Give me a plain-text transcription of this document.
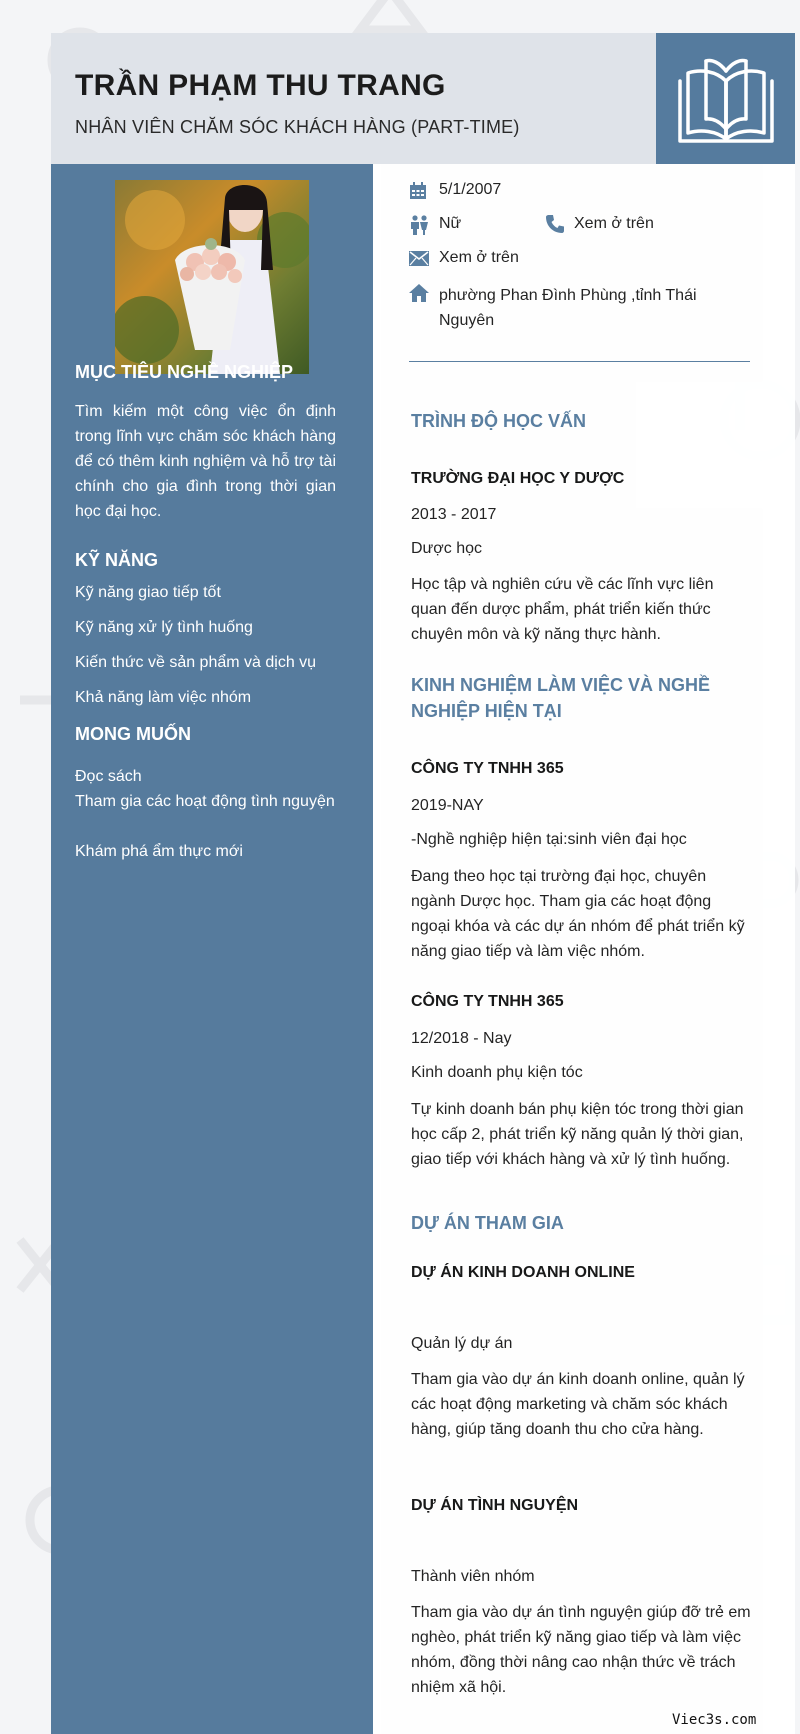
TRẦN PHẠM THU TRANG
NHÂN VIÊN CHĂM SÓC KHÁCH HÀNG (PART-TIME)
MỤC TIÊU NGHỀ NGHIỆP
Tìm kiếm một công việc ổn định trong lĩnh vực chăm sóc khách hàng để có thêm kinh nghiệm và hỗ trợ tài chính cho gia đình trong thời gian học đại học.
KỸ NĂNG
Kỹ năng giao tiếp tốt
Kỹ năng xử lý tình huống
Kiến thức về sản phẩm và dịch vụ
Khả năng làm việc nhóm
MONG MUỐN
Đọc sách
Tham gia các hoạt động tình nguyện
Khám phá ẩm thực mới
5/1/2007
Nữ	Xem ở trên
Xem ở trên
phường Phan Đình Phùng ,tỉnh Thái Nguyên
TRÌNH ĐỘ HỌC VẤN
TRƯỜNG ĐẠI HỌC Y DƯỢC
2013 - 2017
Dược học
Học tập và nghiên cứu về các lĩnh vực liên quan đến dược phẩm, phát triển kiến thức chuyên môn và kỹ năng thực hành.
KINH NGHIỆM LÀM VIỆC VÀ NGHỀ NGHIỆP HIỆN TẠI
CÔNG TY TNHH 365
2019-NAY
-Nghề nghiệp hiện tại:sinh viên đại học
Đang theo học tại trường đại học, chuyên ngành Dược học. Tham gia các hoạt động ngoại khóa và các dự án nhóm để phát triển kỹ năng giao tiếp và làm việc nhóm.
CÔNG TY TNHH 365
12/2018 - Nay
Kinh doanh phụ kiện tóc
Tự kinh doanh bán phụ kiện tóc trong thời gian học cấp 2, phát triển kỹ năng quản lý thời gian, giao tiếp với khách hàng và xử lý tình huống.
DỰ ÁN THAM GIA
DỰ ÁN KINH DOANH ONLINE
Quản lý dự án
Tham gia vào dự án kinh doanh online, quản lý các hoạt động marketing và chăm sóc khách hàng, giúp tăng doanh thu cho cửa hàng.
DỰ ÁN TÌNH NGUYỆN
Thành viên nhóm
Tham gia vào dự án tình nguyện giúp đỡ trẻ em nghèo, phát triển kỹ năng giao tiếp và làm việc nhóm, đồng thời nâng cao nhận thức về trách nhiệm xã hội.
Viec3s.com
